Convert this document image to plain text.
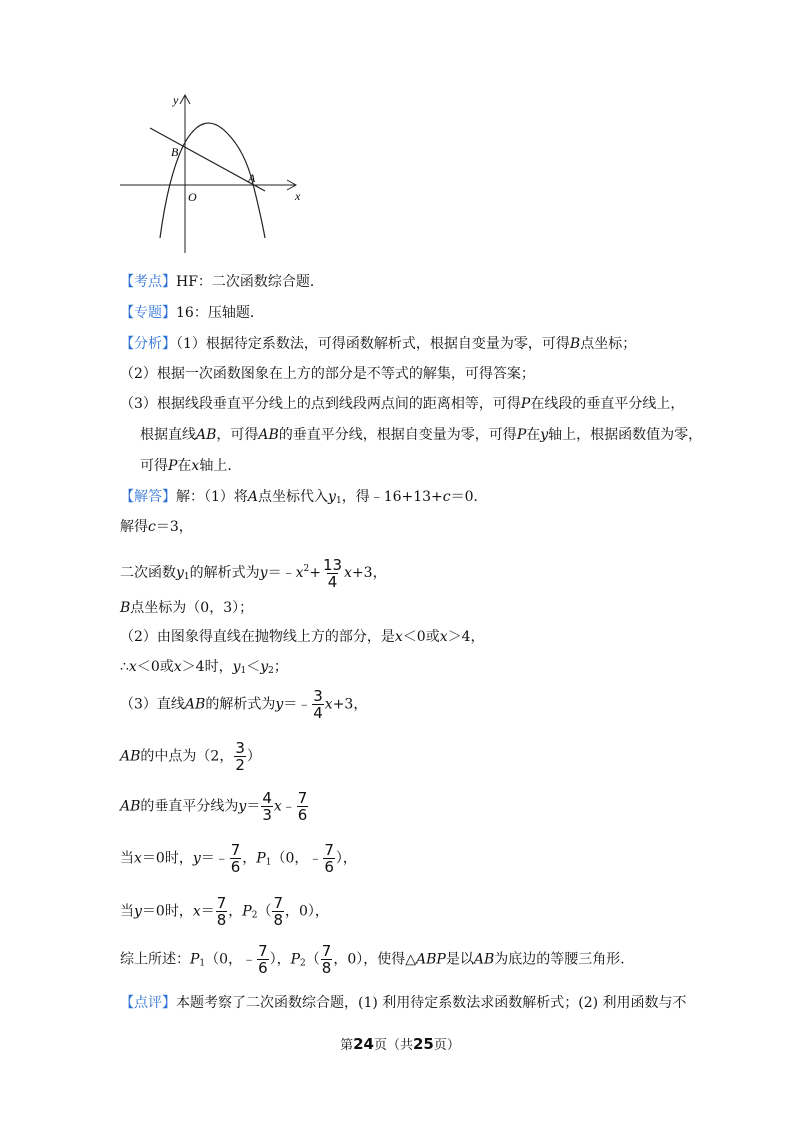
y
x
O
B
A
【考点】HF：二次函数综合题．
【专题】16：压轴题．
【分析】（1）根据待定系数法，可得函数解析式，根据自变量为零，可得B点坐标；
（2）根据一次函数图象在上方的部分是不等式的解集，可得答案；
（3）根据线段垂直平分线上的点到线段两点间的距离相等，可得P在线段的垂直平分线上，
根据直线AB，可得AB的垂直平分线，根据自变量为零，可得P在y轴上，根据函数值为零，
可得P在x轴上．
【解答】解：（1）将A点坐标代入$y_1$，得﹣16+13+c＝0．
解得c＝3，
二次函数$y_1$的解析式为$y=﹣x^2+ \frac{13}{4} x+3$，
B点坐标为（0，3）；
（2）由图象得直线在抛物线上方的部分，是x＜0或x＞4，
∴x＜0或x＞4时，$y_1<y_2$；
（3）直线AB的解析式为y＝﹣ $\frac{3}{4} x+3$，
AB的中点为（2， $\frac{3}{2}$ ）
AB的垂直平分线为$y= \frac{4}{3}$ x﹣ $\frac{7}{6}$
当x＝0时，y＝﹣ $\frac{7}{6}$ ，$P_1(0$，﹣ $\frac{7}{6}$ ），
当y＝0时，$x= \frac{7}{8}$ ，$P_2( \frac{7}{8}$ ，0），
综上所述：$P_1(0$，﹣ $\frac{7}{6}$ ），$P_2( \frac{7}{8}$ ，0），使得△ABP是以AB为底边的等腰三角形．
【点评】本题考察了二次函数综合题，(1) 利用待定系数法求函数解析式；(2) 利用函数与不
第24页（共25页）
